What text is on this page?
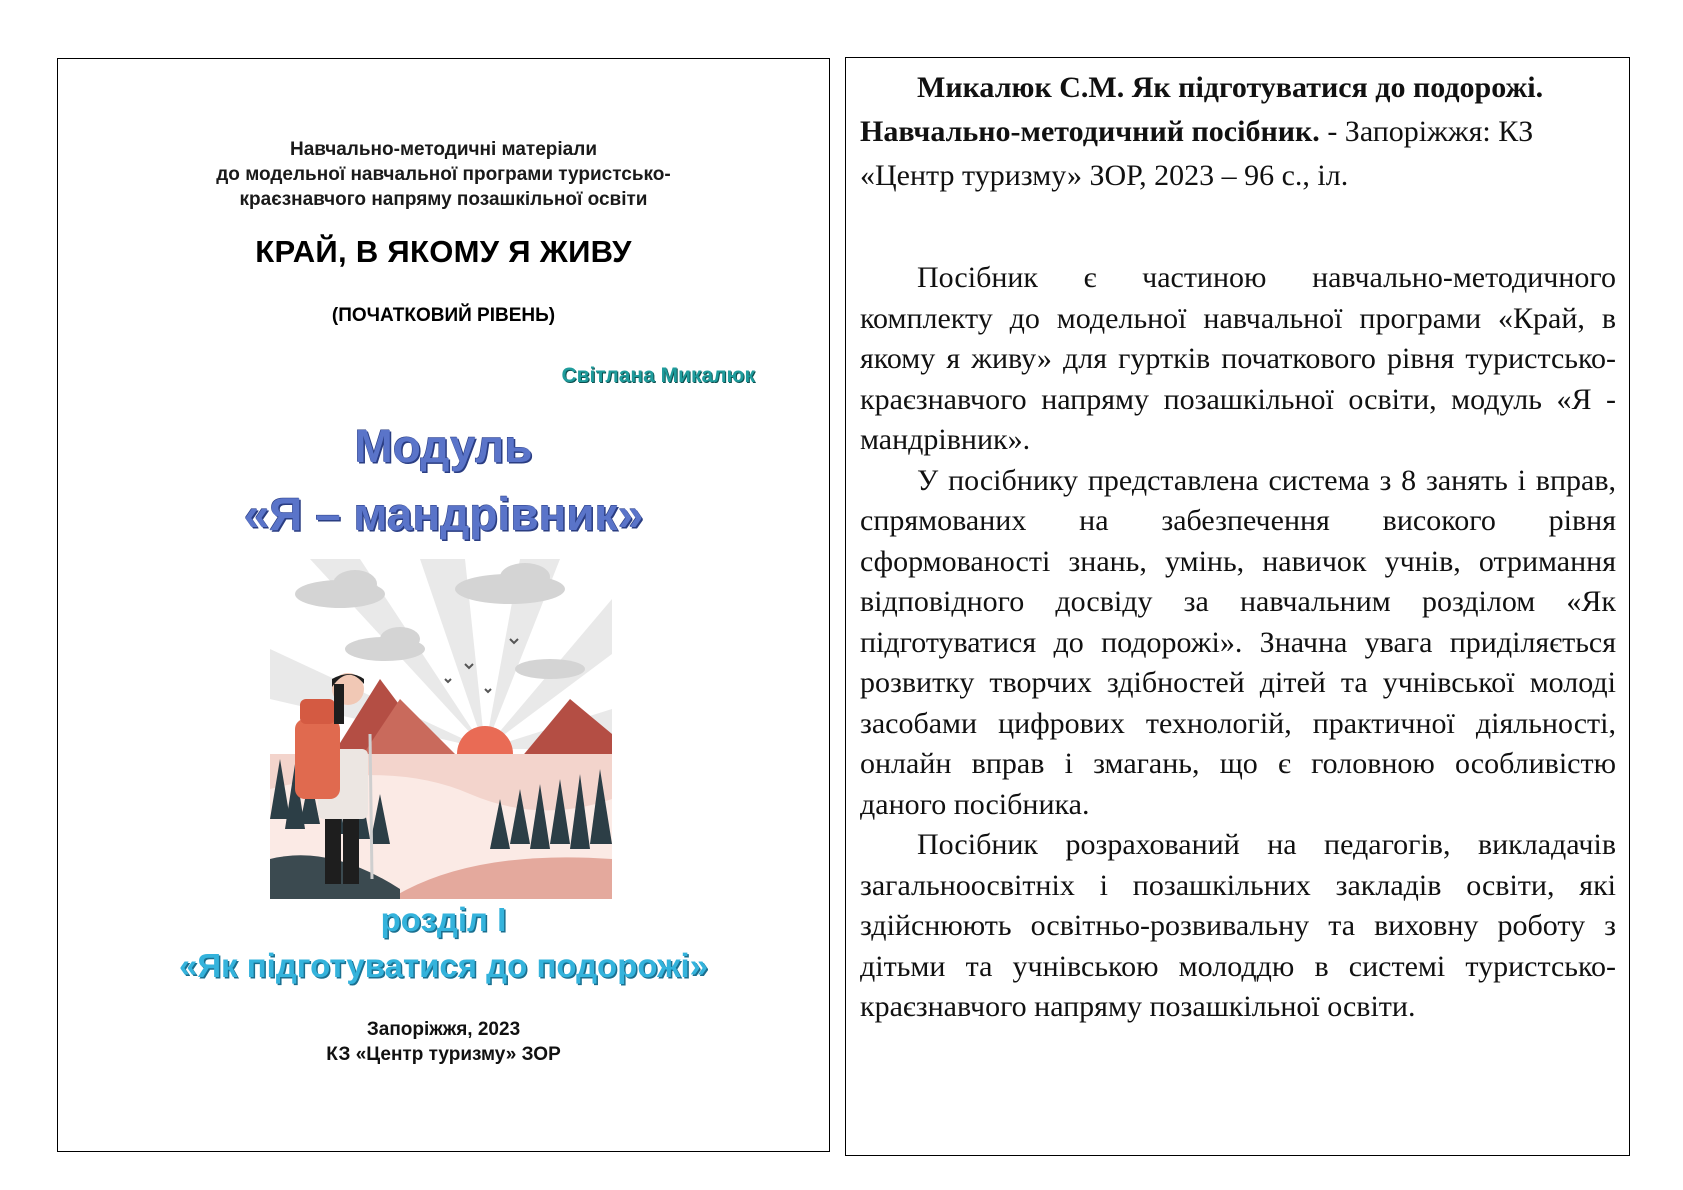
Навчально-методичні матеріали
до модельної навчальної програми туристсько-
краєзнавчого напряму позашкільної освіти
КРАЙ, В ЯКОМУ Я ЖИВУ
(ПОЧАТКОВИЙ РІВЕНЬ)
Світлана Микалюк
Модуль
«Я – мандрівник»
розділ І
«Як підготуватися до подорожі»
Запоріжжя, 2023
КЗ «Центр туризму» ЗОР
Микалюк С.М. Як підготуватися до подорожі. Навчально-методичний посібник. - Запоріжжя: КЗ «Центр туризму» ЗОР, 2023 – 96 с., іл.

Посібник є частиною навчально-методичного комплекту до модельної навчальної програми «Край, в якому я живу» для гуртків початкового рівня туристсько-краєзнавчого напряму позашкільної освіти, модуль «Я - мандрівник».

У посібнику представлена система з 8 занять і вправ, спрямованих на забезпечення високого рівня сформованості знань, умінь, навичок учнів, отримання відповідного досвіду за навчальним розділом «Як підготуватися до подорожі». Значна увага приділяється розвитку творчих здібностей дітей та учнівської молоді засобами цифрових технологій, практичної діяльності, онлайн вправ і змагань, що є головною особливістю даного посібника.

Посібник розрахований на педагогів, викладачів загальноосвітніх і позашкільних закладів освіти, які здійснюють освітньо-розвивальну та виховну роботу з дітьми та учнівською молоддю в системі туристсько-краєзнавчого напряму позашкільної освіти.
